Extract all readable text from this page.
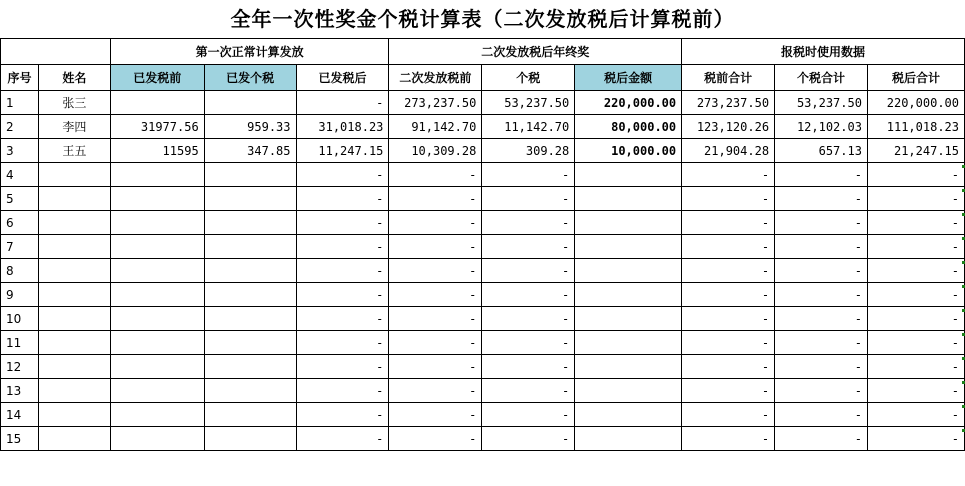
全年一次性奖金个税计算表（二次发放税后计算税前）
		第一次正常计算发放			二次发放税后年终奖			报税时使用数据		
序号	姓名	已发税前	已发个税	已发税后	二次发放税前	个税	税后金额	税前合计	个税合计	税后合计
1	张三			-	273,237.50	53,237.50	220,000.00	273,237.50	53,237.50	220,000.00
2	李四	31977.56	959.33	31,018.23	91,142.70	11,142.70	80,000.00	123,120.26	12,102.03	111,018.23
3	王五	11595	347.85	11,247.15	10,309.28	309.28	10,000.00	21,904.28	657.13	21,247.15
4				-	-	-		-	-	-
5				-	-	-		-	-	-
6				-	-	-		-	-	-
7				-	-	-		-	-	-
8				-	-	-		-	-	-
9				-	-	-		-	-	-
10				-	-	-		-	-	-
11				-	-	-		-	-	-
12				-	-	-		-	-	-
13				-	-	-		-	-	-
14				-	-	-		-	-	-
15				-	-	-		-	-	-
